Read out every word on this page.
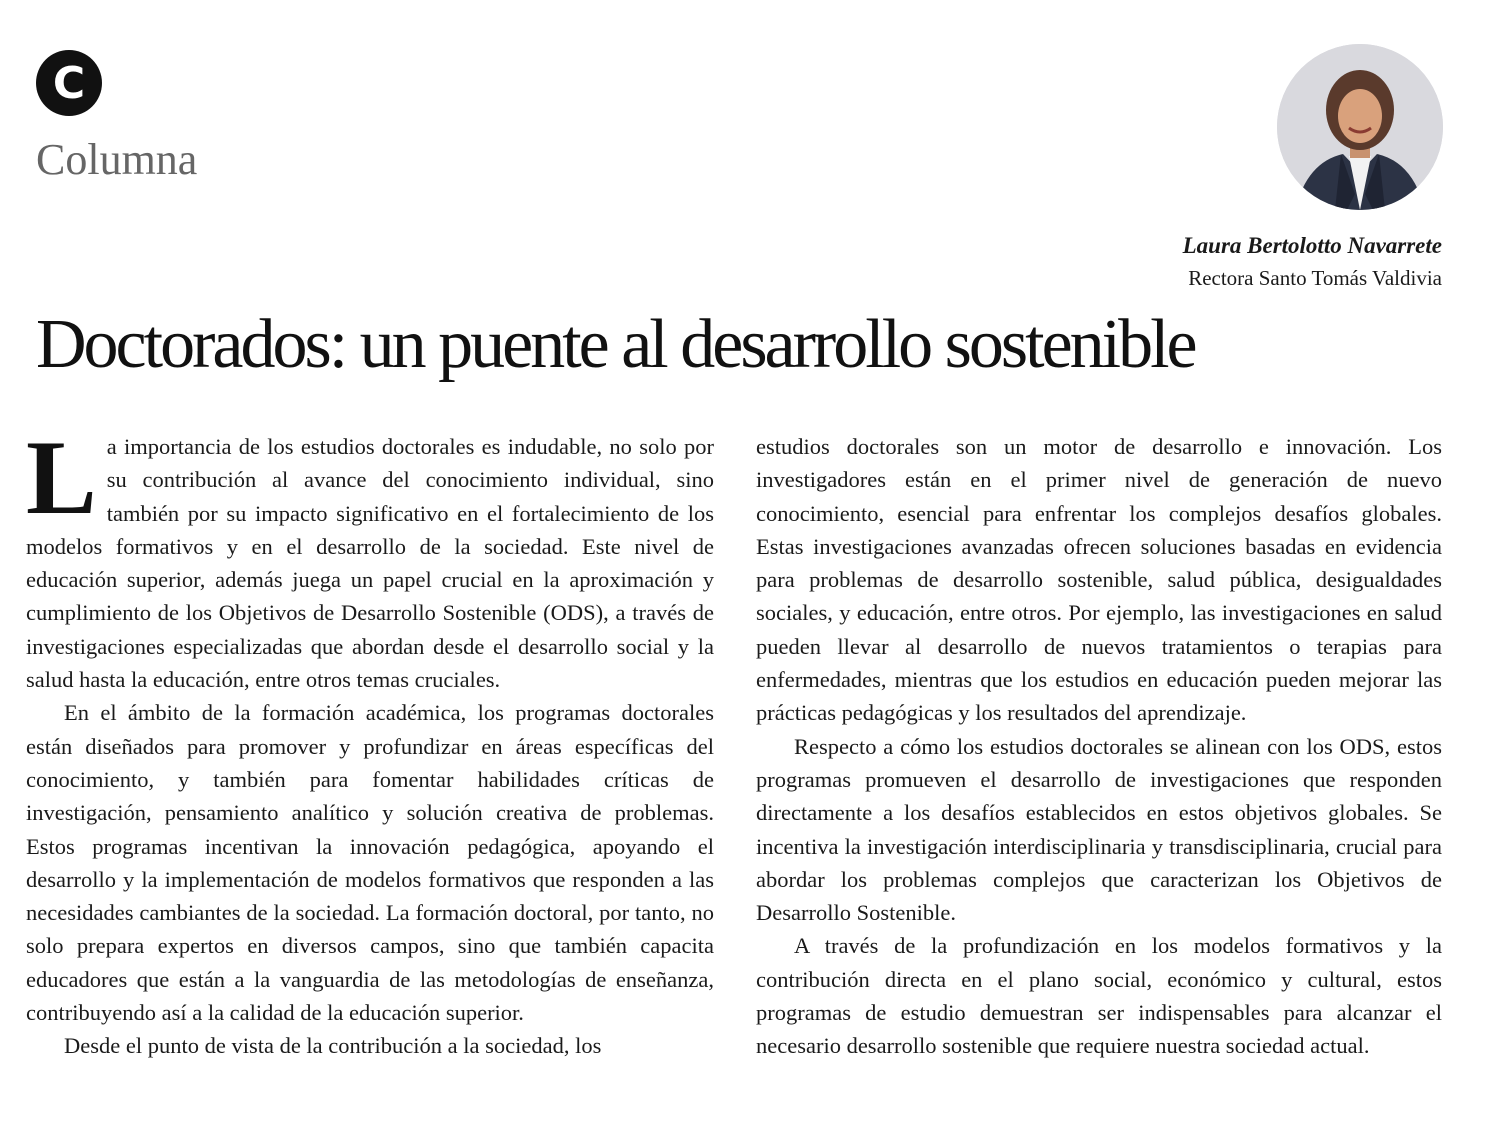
C
Columna
Laura Bertolotto Navarrete
Rectora Santo Tomás Valdivia
Doctorados: un puente al desarrollo sostenible

La importancia de los estudios doctorales es indudable, no solo por su contribución al avance del conocimiento individual, sino también por su impacto significativo en el fortalecimiento de los modelos formativos y en el desarrollo de la sociedad. Este nivel de educación superior, además juega un papel crucial en la aproximación y cumplimiento de los Objetivos de Desarrollo Sostenible (ODS), a través de investigaciones especializadas que abordan desde el desarrollo social y la salud hasta la educación, entre otros temas cruciales.

En el ámbito de la formación académica, los programas doctorales están diseñados para promover y profundizar en áreas específicas del conocimiento, y también para fomentar habilidades críticas de investigación, pensamiento analítico y solución creativa de problemas. Estos programas incentivan la innovación pedagógica, apoyando el desarrollo y la implementación de modelos formativos que responden a las necesidades cambiantes de la sociedad. La formación doctoral, por tanto, no solo prepara expertos en diversos campos, sino que también capacita educadores que están a la vanguardia de las metodologías de enseñanza, contribuyendo así a la calidad de la educación superior.

Desde el punto de vista de la contribución a la sociedad, los

estudios doctorales son un motor de desarrollo e innovación. Los investigadores están en el primer nivel de generación de nuevo conocimiento, esencial para enfrentar los complejos desafíos globales. Estas investigaciones avanzadas ofrecen soluciones basadas en evidencia para problemas de desarrollo sostenible, salud pública, desigualdades sociales, y educación, entre otros. Por ejemplo, las investigaciones en salud pueden llevar al desarrollo de nuevos tratamientos o terapias para enfermedades, mientras que los estudios en educación pueden mejorar las prácticas pedagógicas y los resultados del aprendizaje.

Respecto a cómo los estudios doctorales se alinean con los ODS, estos programas promueven el desarrollo de investigaciones que responden directamente a los desafíos establecidos en estos objetivos globales. Se incentiva la investigación interdisciplinaria y transdisciplinaria, crucial para abordar los problemas complejos que caracterizan los Objetivos de Desarrollo Sostenible.

A través de la profundización en los modelos formativos y la contribución directa en el plano social, económico y cultural, estos programas de estudio demuestran ser indispensables para alcanzar el necesario desarrollo sostenible que requiere nuestra sociedad actual.
